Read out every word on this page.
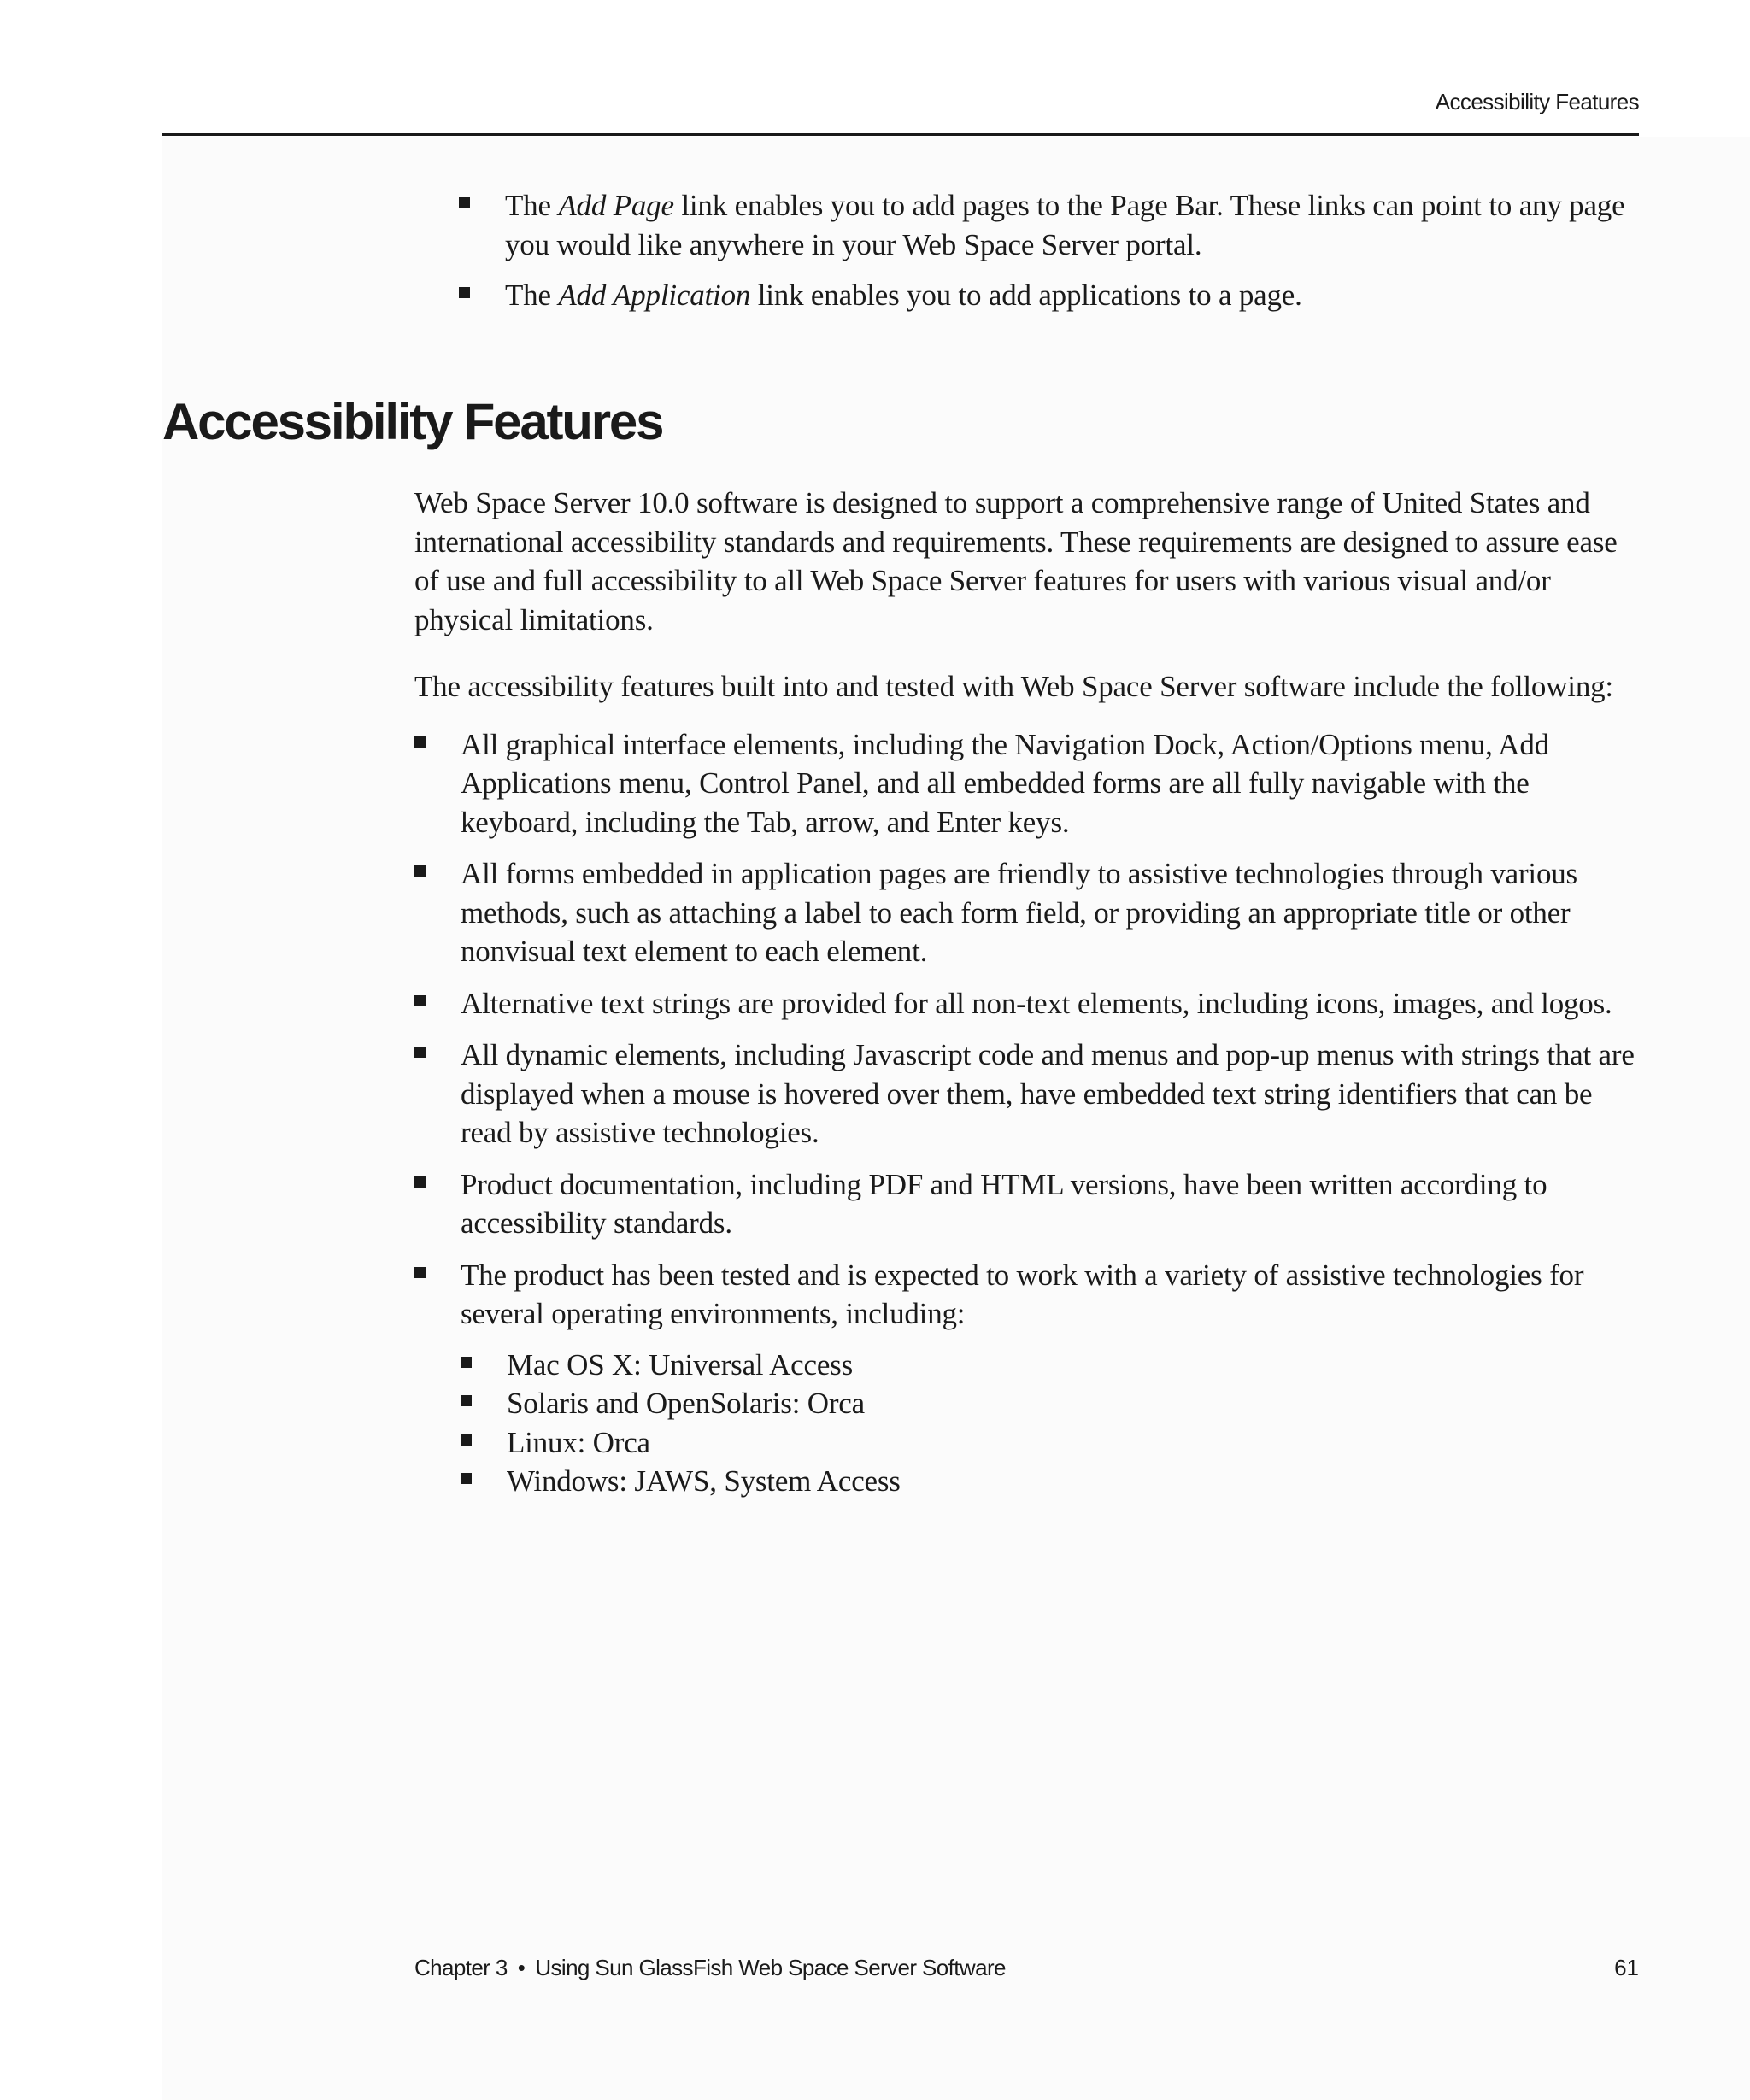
Accessibility Features
The Add Page link enables you to add pages to the Page Bar. These links can point to any page you would like anywhere in your Web Space Server portal.
The Add Application link enables you to add applications to a page.
Accessibility Features

Web Space Server 10.0 software is designed to support a comprehensive range of United States and international accessibility standards and requirements. These requirements are designed to assure ease of use and full accessibility to all Web Space Server features for users with various visual and/or physical limitations.

The accessibility features built into and tested with Web Space Server software include the following:

All graphical interface elements, including the Navigation Dock, Action/Options menu, Add Applications menu, Control Panel, and all embedded forms are all fully navigable with the keyboard, including the Tab, arrow, and Enter keys.
All forms embedded in application pages are friendly to assistive technologies through various methods, such as attaching a label to each form field, or providing an appropriate title or other nonvisual text element to each element.
Alternative text strings are provided for all non-text elements, including icons, images, and logos.
All dynamic elements, including Javascript code and menus and pop-up menus with strings that are displayed when a mouse is hovered over them, have embedded text string identifiers that can be read by assistive technologies.
Product documentation, including PDF and HTML versions, have been written according to accessibility standards.
The product has been tested and is expected to work with a variety of assistive technologies for several operating environments, including:
Mac OS X: Universal Access
Solaris and OpenSolaris: Orca
Linux: Orca
Windows: JAWS, System Access
Chapter 3 • Using Sun GlassFish Web Space Server Software	61
